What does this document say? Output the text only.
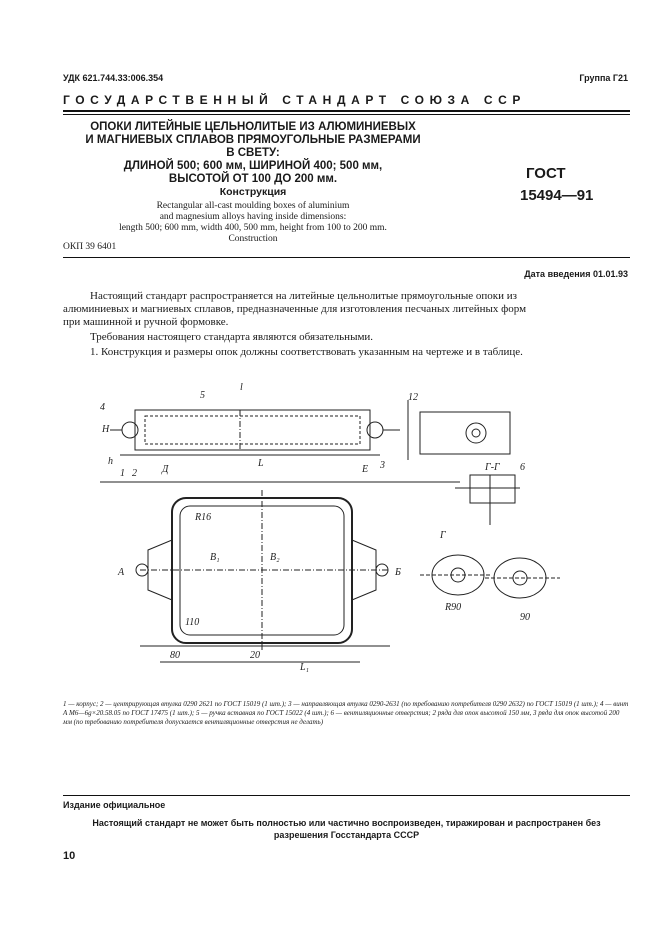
УДК 621.744.33:006.354	Группа Г21
ГОСУДАРСТВЕННЫЙ СТАНДАРТ СОЮЗА ССР
ОПОКИ ЛИТЕЙНЫЕ ЦЕЛЬНОЛИТЫЕ ИЗ АЛЮМИНИЕВЫХ
И МАГНИЕВЫХ СПЛАВОВ ПРЯМОУГОЛЬНЫЕ РАЗМЕРАМИ
В СВЕТУ:
ДЛИНОЙ 500; 600 мм, ШИРИНОЙ 400; 500 мм,
ВЫСОТОЙ ОТ 100 ДО 200 мм.
Конструкция
Rectangular all-cast moulding boxes of aluminium
and magnesium alloys having inside dimensions:
length 500; 600 mm, width 400, 500 mm, height from 100 to 200 mm.
Construction
ГОСТ
15494—91
ОКП 39 6401
Дата введения 01.01.93

Настоящий стандарт распространяется на литейные цельнолитые прямоугольные опоки из
алюминиевых и магниевых сплавов, предназначенные для изготовления песчаных литейных форм
при машинной и ручной формовке.

Требования настоящего стандарта являются обязательными.

1. Конструкция и размеры опок должны соответствовать указанным на чертеже и в таблице.

А	Б
Д	Е
Г
Г-Г
L
L₁
B₁	B₂
H
h
l
1 2
3
4
5
6
12
80
90
20
110
R16
R90
1 — корпус; 2 — центрирующая втулка 0290 2621 по ГОСТ 15019 (1 шт.); 3 — направляющая втулка 0290-2631 (по требованию потребителя 0290 2632) по ГОСТ 15019 (1 шт.); 4 — винт А М6—6g×20.58.05 по ГОСТ 17475 (1 шт.); 5 — ручка вставная по ГОСТ 15022 (4 шт.); 6 — вентиляционные отверстия; 2 ряда для опок высотой 150 мм, 3 ряда для опок высотой 200 мм (по требованию потребителя допускается вентиляционные отверстия не делать)
Издание официальное
Настоящий стандарт не может быть полностью или частично воспроизведен, тиражирован и распространен без
разрешения Госстандарта СССР
10
